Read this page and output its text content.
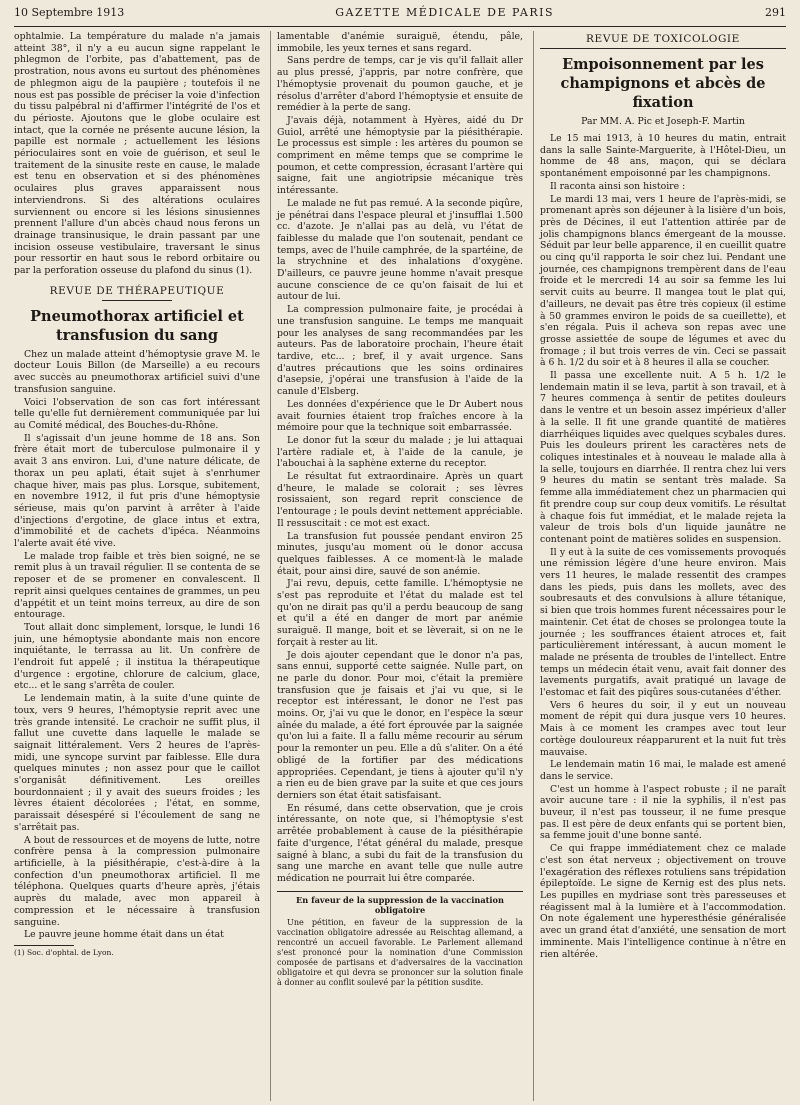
10 Septembre 1913	GAZETTE MÉDICALE DE PARIS	291

ophtalmie. La température du malade n'a jamais atteint 38°, il n'y a eu aucun signe rappelant le phlegmon de l'orbite, pas d'abattement, pas de prostration, nous avons eu surtout des phénomènes de phlegmon aigu de la paupière ; toutefois il ne nous est pas possible de préciser la voie d'infection du tissu palpébral ni d'affirmer l'intégrité de l'os et du périoste. Ajoutons que le globe oculaire est intact, que la cornée ne présente aucune lésion, la papille est normale ; actuellement les lésions périoculaires sont en voie de guérison, et seul le traitement de la sinusite reste en cause, le malade est tenu en observation et si des phénomènes oculaires plus graves apparaissent nous interviendrons. Si des altérations oculaires surviennent ou encore si les lésions sinusiennes prennent l'allure d'un abcès chaud nous ferons un drainage transinusique, le drain passant par une incision osseuse vestibulaire, traversant le sinus pour ressortir en haut sous le rebord orbitaire ou par la perforation osseuse du plafond du sinus (1).

REVUE DE THÉRAPEUTIQUE
Pneumothorax artificiel et transfusion du sang

Chez un malade atteint d'hémoptysie grave M. le docteur Louis Billon (de Marseille) a eu recours avec succès au pneumothorax artificiel suivi d'une transfusion sanguine.

Voici l'observation de son cas fort intéressant telle qu'elle fut dernièrement communiquée par lui au Comité médical, des Bouches-du-Rhône.

Il s'agissait d'un jeune homme de 18 ans. Son frère était mort de tuberculose pulmonaire il y avait 3 ans environ. Lui, d'une nature délicate, de thorax un peu aplati, était sujet à s'enrhumer chaque hiver, mais pas plus. Lorsque, subitement, en novembre 1912, il fut pris d'une hémoptysie sérieuse, mais qu'on parvint à arrêter à l'aide d'injections d'ergotine, de glace intus et extra, d'immobilité et de cachets d'ipéca. Néanmoins l'alerte avait été vive.

Le malade trop faible et très bien soigné, ne se remit plus à un travail régulier. Il se contenta de se reposer et de se promener en convalescent. Il reprit ainsi quelques centaines de grammes, un peu d'appétit et un teint moins terreux, au dire de son entourage.

Tout allait donc simplement, lorsque, le lundi 16 juin, une hémoptysie abondante mais non encore inquiétante, le terrassa au lit. Un confrère de l'endroit fut appelé ; il institua la thérapeutique d'urgence : ergotine, chlorure de calcium, glace, etc... et le sang s'arrêta de couler.

Le lendemain matin, à la suite d'une quinte de toux, vers 9 heures, l'hémoptysie reprit avec une très grande intensité. Le crachoir ne suffit plus, il fallut une cuvette dans laquelle le malade se saignait littéralement. Vers 2 heures de l'après-midi, une syncope survint par faiblesse. Elle dura quelques minutes ; non assez pour que le caillot s'organisât définitivement. Les oreilles bourdonnaient ; il y avait des sueurs froides ; les lèvres étaient décolorées ; l'état, en somme, paraissait désespéré si l'écoulement de sang ne s'arrêtait pas.

A bout de ressources et de moyens de lutte, notre confrère pensa à la compression pulmonaire artificielle, à la piésithérapie, c'est-à-dire à la confection d'un pneumothorax artificiel. Il me téléphona. Quelques quarts d'heure après, j'étais auprès du malade, avec mon appareil à compression et le nécessaire à transfusion sanguine.

Le pauvre jeune homme était dans un état

(1) Soc. d'ophtal. de Lyon.

lamentable d'anémie suraiguë, étendu, pâle, immobile, les yeux ternes et sans regard.

Sans perdre de temps, car je vis qu'il fallait aller au plus pressé, j'appris, par notre confrère, que l'hémoptysie provenait du poumon gauche, et je résolus d'arrêter d'abord l'hémoptysie et ensuite de remédier à la perte de sang.

J'avais déjà, notamment à Hyères, aidé du Dr Guiol, arrêté une hémoptysie par la piésithérapie. Le processus est simple : les artères du poumon se compriment en même temps que se comprime le poumon, et cette compression, écrasant l'artère qui saigne, fait une angiotripsie mécanique très intéressante.

Le malade ne fut pas remué. A la seconde piqûre, je pénétrai dans l'espace pleural et j'insufflai 1.500 cc. d'azote. Je n'allai pas au delà, vu l'état de faiblesse du malade que l'on soutenait, pendant ce temps, avec de l'huile camphrée, de la spartéine, de la strychnine et des inhalations d'oxygène. D'ailleurs, ce pauvre jeune homme n'avait presque aucune conscience de ce qu'on faisait de lui et autour de lui.

La compression pulmonaire faite, je procédai à une transfusion sanguine. Le temps me manquait pour les analyses de sang recommandées par les auteurs. Pas de laboratoire prochain, l'heure était tardive, etc... ; bref, il y avait urgence. Sans d'autres précautions que les soins ordinaires d'asepsie, j'opérai une transfusion à l'aide de la canule d'Elsberg.

Les données d'expérience que le Dr Aubert nous avait fournies étaient trop fraîches encore à la mémoire pour que la technique soit embarrassée.

Le donor fut la sœur du malade ; je lui attaquai l'artère radiale et, à l'aide de la canule, je l'abouchai à la saphène externe du receptor.

Le résultat fut extraordinaire. Après un quart d'heure, le malade se colorait ; ses lèvres rosissaient, son regard reprit conscience de l'entourage ; le pouls devint nettement appréciable. Il ressuscitait : ce mot est exact.

La transfusion fut poussée pendant environ 25 minutes, jusqu'au moment où le donor accusa quelques faiblesses. A ce moment-là le malade était, pour ainsi dire, sauvé de son anémie.

J'ai revu, depuis, cette famille. L'hémoptysie ne s'est pas reproduite et l'état du malade est tel qu'on ne dirait pas qu'il a perdu beaucoup de sang et qu'il a été en danger de mort par anémie suraiguë. Il mange, boit et se lèverait, si on ne le forçait à rester au lit.

Je dois ajouter cependant que le donor n'a pas, sans ennui, supporté cette saignée. Nulle part, on ne parle du donor. Pour moi, c'était la première transfusion que je faisais et j'ai vu que, si le receptor est intéressant, le donor ne l'est pas moins. Or, j'ai vu que le donor, en l'espèce la sœur aînée du malade, a été fort éprouvée par la saignée qu'on lui a faite. Il a fallu même recourir au sérum pour la remonter un peu. Elle a dû s'aliter. On a été obligé de la fortifier par des médications appropriées. Cependant, je tiens à ajouter qu'il n'y a rien eu de bien grave par la suite et que ces jours derniers son état était satisfaisant.

En résumé, dans cette observation, que je crois intéressante, on note que, si l'hémoptysie s'est arrêtée probablement à cause de la piésithérapie faite d'urgence, l'état général du malade, presque saigné à blanc, a subi du fait de la transfusion du sang une marche en avant telle que nulle autre médication ne pourrait lui être comparée.

En faveur de la suppression de la vaccination obligatoire

Une pétition, en faveur de la suppression de la vaccination obligatoire adressée au Reischtag allemand, a rencontré un accueil favorable. Le Parlement allemand s'est prononcé pour la nomination d'une Commission composée de partisans et d'adversaires de la vaccination obligatoire et qui devra se prononcer sur la solution finale à donner au conflit soulevé par la pétition susdite.

REVUE DE TOXICOLOGIE
Empoisonnement par les champignons et abcès de fixation
Par MM. A. Pic et Joseph-F. Martin

Le 15 mai 1913, à 10 heures du matin, entrait dans la salle Sainte-Marguerite, à l'Hôtel-Dieu, un homme de 48 ans, maçon, qui se déclara spontanément empoisonné par les champignons.

Il raconta ainsi son histoire :

Le mardi 13 mai, vers 1 heure de l'après-midi, se promenant après son déjeuner à la lisière d'un bois, près de Décines, il eut l'attention attirée par de jolis champignons blancs émergeant de la mousse. Séduit par leur belle apparence, il en cueillit quatre ou cinq qu'il rapporta le soir chez lui. Pendant une journée, ces champignons trempèrent dans de l'eau froide et le mercredi 14 au soir sa femme les lui servit cuits au beurre. Il mangea tout le plat qui, d'ailleurs, ne devait pas être très copieux (il estime à 50 grammes environ le poids de sa cueillette), et s'en régala. Puis il acheva son repas avec une grosse assiettée de soupe de légumes et avec du fromage ; il but trois verres de vin. Ceci se passait à 6 h. 1/2 du soir et à 8 heures il alla se coucher.

Il passa une excellente nuit. A 5 h. 1/2 le lendemain matin il se leva, partit à son travail, et à 7 heures commença à sentir de petites douleurs dans le ventre et un besoin assez impérieux d'aller à la selle. Il fit une grande quantité de matières diarrhéiques liquides avec quelques scybales dures. Puis les douleurs prirent les caractères nets de coliques intestinales et à nouveau le malade alla à la selle, toujours en diarrhée. Il rentra chez lui vers 9 heures du matin se sentant très malade. Sa femme alla immédiatement chez un pharmacien qui fit prendre coup sur coup deux vomitifs. Le résultat à chaque fois fut immédiat, et le malade rejeta la valeur de trois bols d'un liquide jaunâtre ne contenant point de matières solides en suspension.

Il y eut à la suite de ces vomissements provoqués une rémission légère d'une heure environ. Mais vers 11 heures, le malade ressentit des crampes dans les pieds, puis dans les mollets, avec des soubresauts et des convulsions à allure tétanique, si bien que trois hommes furent nécessaires pour le maintenir. Cet état de choses se prolongea toute la journée ; les souffrances étaient atroces et, fait particulièrement intéressant, à aucun moment le malade ne présenta de troubles de l'intellect. Entre temps un médecin était venu, avait fait donner des lavements purgatifs, avait pratiqué un lavage de l'estomac et fait des piqûres sous-cutanées d'éther.

Vers 6 heures du soir, il y eut un nouveau moment de répit qui dura jusque vers 10 heures. Mais à ce moment les crampes avec tout leur cortège douloureux réapparurent et la nuit fut très mauvaise.

Le lendemain matin 16 mai, le malade est amené dans le service.

C'est un homme à l'aspect robuste ; il ne paraît avoir aucune tare : il nie la syphilis, il n'est pas buveur, il n'est pas tousseur, il ne fume presque pas. Il est père de deux enfants qui se portent bien, sa femme jouit d'une bonne santé.

Ce qui frappe immédiatement chez ce malade c'est son état nerveux ; objectivement on trouve l'exagération des réflexes rotuliens sans trépidation épileptoïde. Le signe de Kernig est des plus nets. Les pupilles en mydriase sont très paresseuses et réagissent mal à la lumière et à l'accommodation. On note également une hyperesthésie généralisée avec un grand état d'anxiété, une sensation de mort imminente. Mais l'intelligence continue à n'être en rien altérée.
